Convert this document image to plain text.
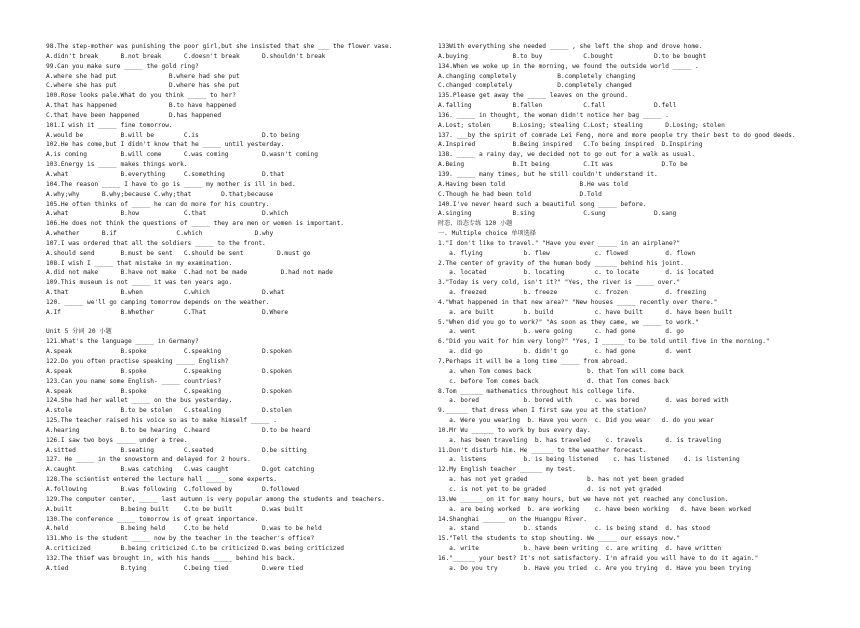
98.The step-mother was punishing the poor girl,but she insisted that she ___ the flower vase.
A.didn't break      B.not break      C.doesn't break      D.shouldn't break
99.Can you make sure _____ the gold ring?
A.where she had put              B.where had she put
C.where she has put              D.where has she put
100.Rose looks pale.What do you think _____ to her?
A.that has happened              B.to have happened
C.that have been happened        D.has happened
101.I wish it _____ fine tomorrow.
A.would be          B.will be        C.is                 D.to being
102.He has come,but I didn't know that he _____ until yesterday.
A.is coming         B.will come      C.was coming         D.wasn't coming
103.Energy is _____ makes things work.
A.what              B.everything     C.something          D.that
104.The reason _____ I have to go is _____ my mother is ill in bed.
A.why;why      B.why;because C.why;that        D.that;because
105.He often thinks of _____ he can do more for his country.
A.what              B.how            C.that               D.which
106.He does not think the questions of _____ they are men or women is important.
A.whether      B.if                C.which              D.why
107.I was ordered that all the soldiers _____ to the front.
A.should send       B.must be sent   C.should be sent         D.must go
108.I wish I _____ that mistake in my examination.
A.did not make      B.have not make  C.had not be made         D.had not made
109.This museum is not _____ it was ten years ago.
A.that              B.when           C.which              D.what
120. _____ we'll go camping tomorrow depends on the weather.
A.If                B.Whether        C.That               D.Where
Unit 5 分词 20 小题
121.What's the language _____ in Germany?
A.speak             B.spoke          C.speaking           D.spoken
122.Do you often practise speaking _____ English?
A.speak             B.spoke          C.speaking           D.spoken
123.Can you name some English- _____ countries?
A.speak             B.spoke          C.speaking           D.spoken
124.She had her wallet _____ on the bus yesterday.
A.stole             B.to be stolen   C.stealing           D.stolen
125.The teacher raised his voice so as to make himself _____ .
A.hearing           B.to be hearing  C.heard              D.to be heard
126.I saw two boys _____ under a tree.
A.sitted            B.seating        C.seated             D.be sitting
127. He _____ in the snowstorm and delayed for 2 hours.
A.caught            B.was catching   C.was caught         D.got catching
128.The scientist entered the lecture hall _____ some experts.
A.following         B.was following  C.followed by        D.followed
129.The computer center, _____ last autumn is very popular among the students and teachers.
A.built             B.being built    C.to be built        D.was built
130.The conference _____ tomorrow is of great importance.
A.held              B.being held     C.to be held         D.was to be held
131.Who is the student _____ now by the teacher in the teacher's office?
A.criticized        B.being criticized C.to be criticized D.was being criticized
132.The thief was brought in, with his hands _____ behind his back.
A.tied              B.tying          C.being tied         D.were tied
133With everything she needed _____ , she left the shop and drove home.
A.buying            B.to buy           C.bought           D.to be bought
134.When we woke up in the morning, we found the outside world _____ .
A.changing completely           B.completely changing
C.changed completely            D.completely changed
135.Please get away the _____ leaves on the ground.
A.falling           B.fallen           C.fall             D.fell
136. _____ in thought, the woman didn't notice her bag _____ .
A.Lost; stolen      B.Losing; stealing C.Lost; stealing      D.Losing; stolen
137. ___by the spirit of comrade Lei Feng, more and more people try their best to do good deeds.
A.Inspired          B.Being inspired   C.To being inspired  D.Inspiring
138. _____ a rainy day, we decided not to go out for a walk as usual.
A.Being             B.It being         C.It was             D.To be
139. _____ many times, but he still couldn't understand it.
A.Having been told                    B.He was told
C.Though he had been told             D.Told
140.I've never heard such a beautiful song _____ before.
A.singing           B.sing             C.sung             D.sang
时态，语态专练 120 小题
一. Multiple choice 单项选择
1."I don't like to travel." "Have you ever _____ in an airplane?"
a. flying           b. flew            c. flowed          d. flown
2.The center of gravity of the human body ______ behind his joint.
a. located          b. locating        c. to locate       d. is located
3."Today is very cold, isn't it?" "Yes, the river is _____ over."
a. freezed          b. freeze          c. frozen          d. freezing
4."What happened in that new area?" "New houses _____ recently over there."
a. are built        b. build           c. have built      d. have been built
5."When did you go to work?" "As soon as they came, we _____ to work."
a. went             b. were going      c. had gone        d. go
6."Did you wait for him very long?" "Yes, I ______ to be told until five in the morning."
a. did go           b. didn't go       c. had gone        d. went
7.Perhaps it will be a long time _____ from abroad.
a. when Tom comes back               b. that Tom will come back
c. before Tom comes back             d. that Tom comes back
8.Tom ______ mathematics throughout his college life.
a. bored            b. bored with      c. was bored       d. was bored with
9.______ that dress when I first saw you at the station?
a. Were you wearing  b. Have you worn  c. Did you wear   d. do you wear
10.Mr Wu ______ to work by bus every day.
a. has been traveling  b. has traveled    c. travels      d. is traveling
11.Don't disturb him. He ______ to the weather forecast.
a. listens          b. is being listened    c. has listened    d. is listening
12.My English teacher ______ my test.
a. has not yet graded                b. has not yet been graded
c. is not yet to be graded           d. is not yet graded
13.We ______ on it for many hours, but we have not yet reached any conclusion.
a. are being worked  b. are working    c. have been working   d. have been worked
14.Shanghai ______ on the Huangpu River.
a. stand            b. stands          c. is being stand  d. has stood
15."Tell the students to stop shouting. We _____ our essays now."
a. write            b. have been writing  c. are writing  d. have written
16."______ your best? It's not satisfactory. I'm afraid you will have to do it again."
a. Do you try       b. Have you tried  c. Are you trying  d. Have you been trying
